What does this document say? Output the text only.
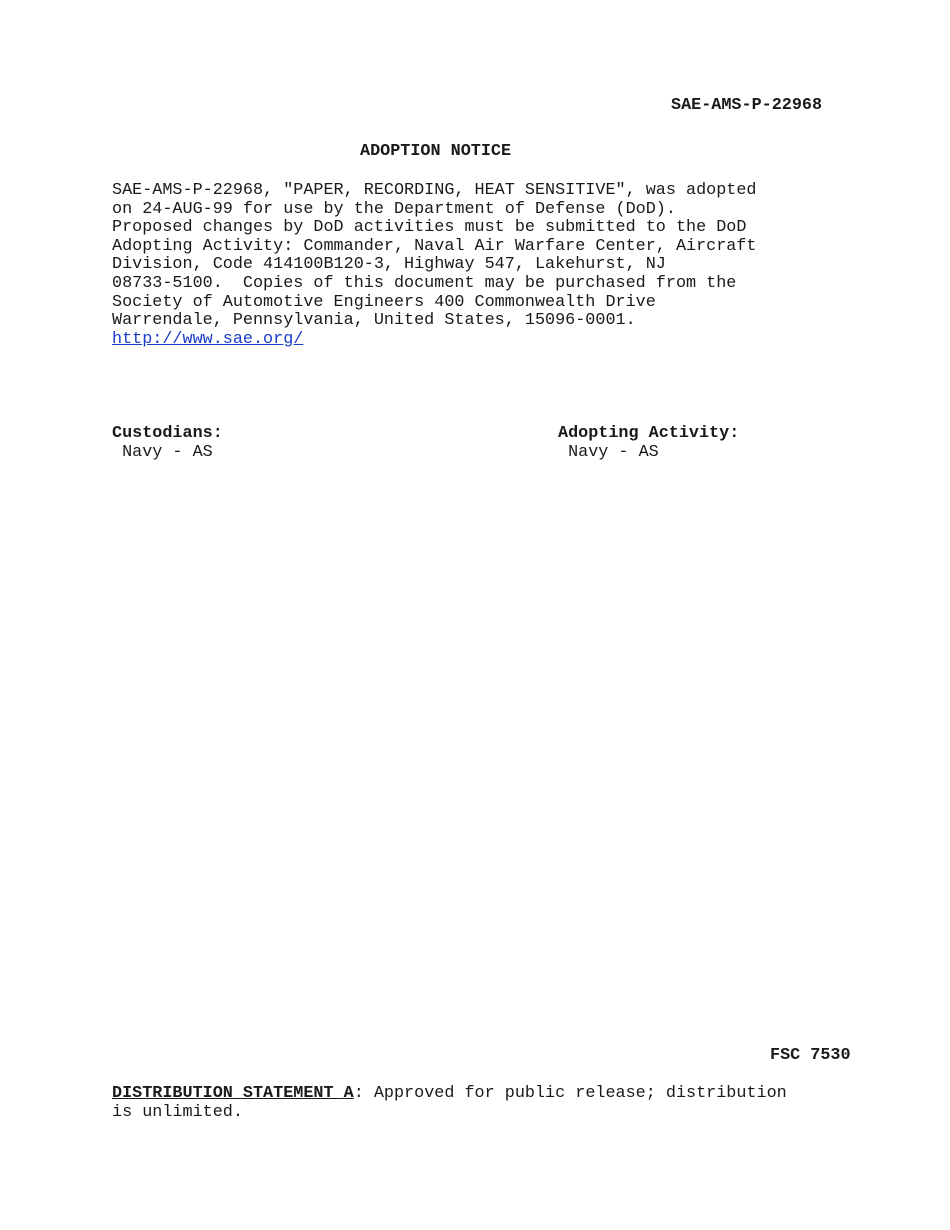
SAE-AMS-P-22968
ADOPTION NOTICE
SAE-AMS-P-22968, "PAPER, RECORDING, HEAT SENSITIVE", was adopted
on 24-AUG-99 for use by the Department of Defense (DoD).
Proposed changes by DoD activities must be submitted to the DoD
Adopting Activity: Commander, Naval Air Warfare Center, Aircraft
Division, Code 414100B120-3, Highway 547, Lakehurst, NJ
08733-5100.  Copies of this document may be purchased from the
Society of Automotive Engineers 400 Commonwealth Drive
Warrendale, Pennsylvania, United States, 15096-0001.
http://www.sae.org/
Custodians:
Navy - AS
Adopting Activity:
Navy - AS
FSC 7530
DISTRIBUTION STATEMENT A: Approved for public release; distribution
is unlimited.
